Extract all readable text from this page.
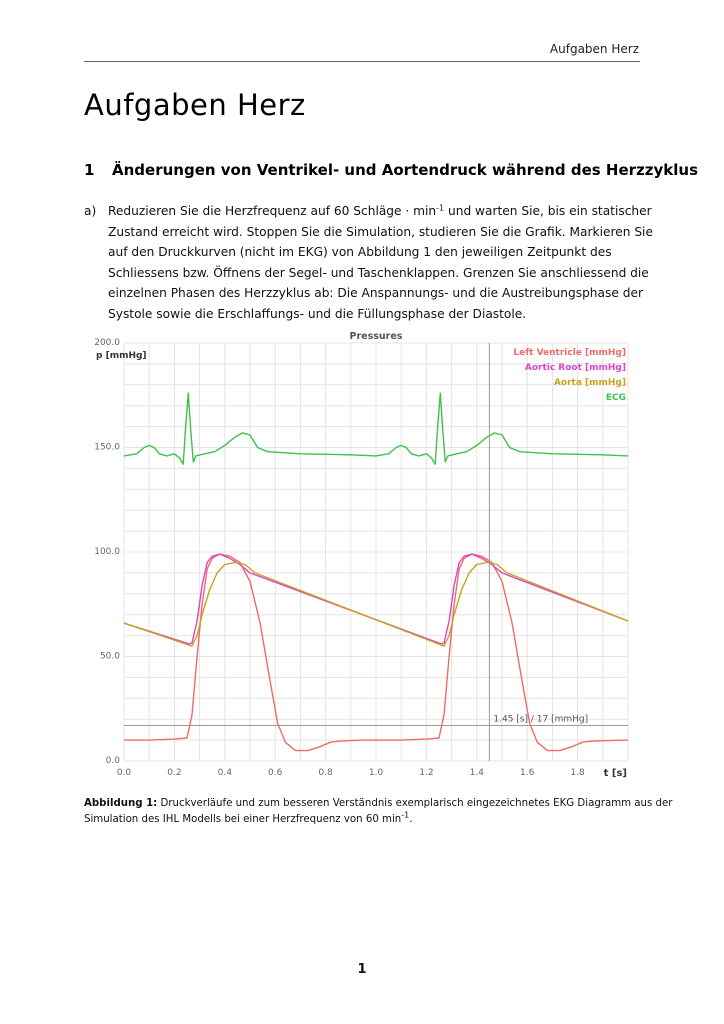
Aufgaben Herz
Aufgaben Herz
1 Änderungen von Ventrikel- und Aortendruck während des Herzzyklus
a) Reduzieren Sie die Herzfrequenz auf 60 Schläge · $\min^{-1}$ und warten Sie, bis ein statischer
Zustand erreicht wird. Stoppen Sie die Simulation, studieren Sie die Grafik. Markieren Sie
auf den Druckkurven (nicht im EKG) von Abbildung 1 den jeweiligen Zeitpunkt des
Schliessens bzw. Öffnens der Segel- und Taschenklappen. Grenzen Sie anschliessend die
einzelnen Phasen des Herzzyklus ab: Die Anspannungs- und die Austreibungsphase der
Systole sowie die Erschlaffungs- und die Füllungsphase der Diastole.

0.0	0.2	0.4	0.6	0.8	1.0	1.2	1.4	1.6	1.8
0.0
50.0
100.0
150.0
200.0
p [mmHg]
t [s]
Pressures
1.45 [s] / 17 [mmHg]
Left Ventricle [mmHg]
Aortic Root [mmHg]
Aorta [mmHg]
ECG
Abbildung 1: Druckverläufe und zum besseren Verständnis exemplarisch eingezeichnetes EKG Diagramm aus der
Simulation des IHL Modells bei einer Herzfrequenz von 60 $\min^{-1}$.
1
